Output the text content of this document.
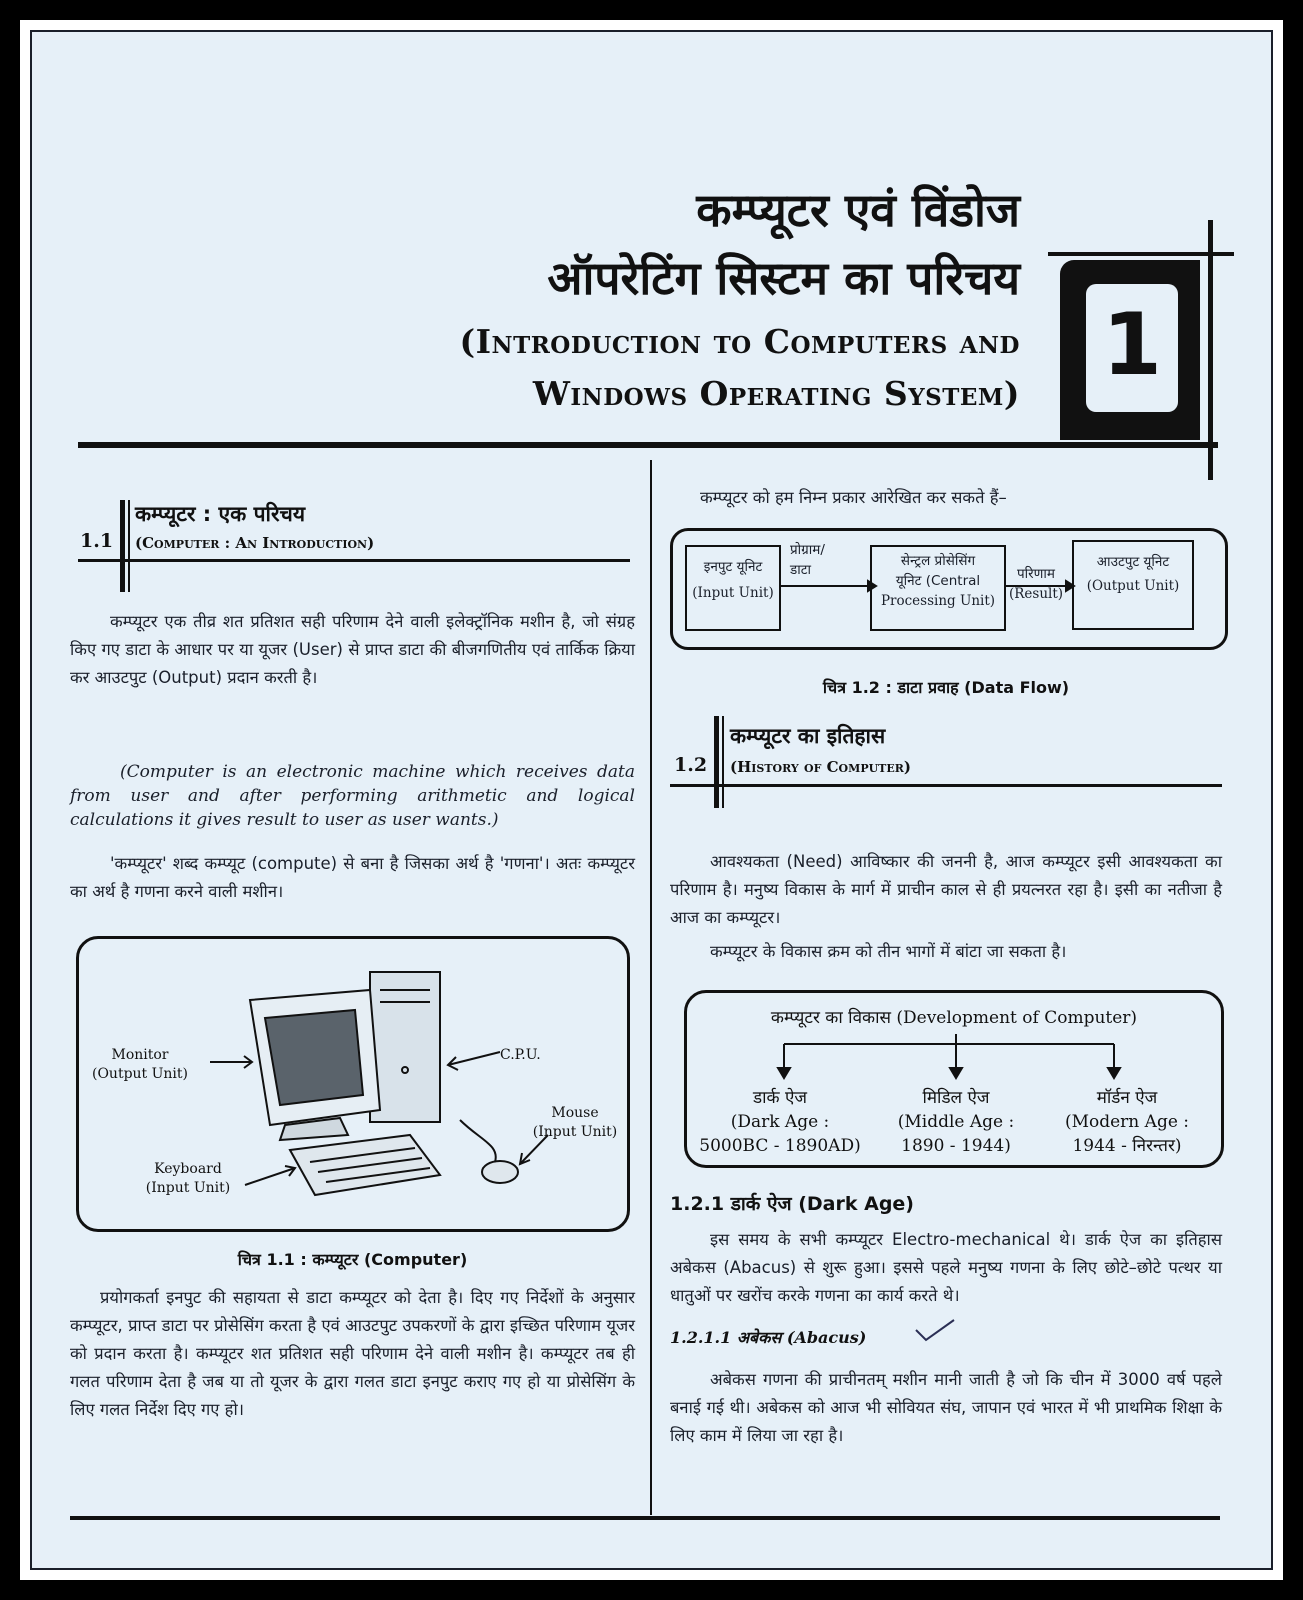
कम्प्यूटर एवं विंडोज
ऑपरेटिंग सिस्टम का परिचय
(Introduction to Computers and
Windows Operating System) 1
1.1
कम्प्यूटर : एक परिचय
(Computer : An Introduction)
कम्प्यूटर एक तीव्र शत प्रतिशत सही परिणाम देने वाली इलेक्ट्रॉनिक मशीन है, जो संग्रह किए गए डाटा के आधार पर या यूजर (User) से प्राप्त डाटा की बीजगणितीय एवं तार्किक क्रिया कर आउटपुट (Output) प्रदान करती है।
(Computer is an electronic machine which receives data from user and after performing arithmetic and logical calculations it gives result to user as user wants.)
'कम्प्यूटर' शब्द कम्प्यूट (compute) से बना है जिसका अर्थ है 'गणना'। अतः कम्प्यूटर का अर्थ है गणना करने वाली मशीन।
Monitor
(Output Unit)
C.P.U.
Mouse
(Input Unit)
Keyboard
(Input Unit)
चित्र 1.1 : कम्प्यूटर (Computer)
प्रयोगकर्ता इनपुट की सहायता से डाटा कम्प्यूटर को देता है। दिए गए निर्देशों के अनुसार कम्प्यूटर, प्राप्त डाटा पर प्रोसेसिंग करता है एवं आउटपुट उपकरणों के द्वारा इच्छित परिणाम यूजर को प्रदान करता है। कम्प्यूटर शत प्रतिशत सही परिणाम देने वाली मशीन है। कम्प्यूटर तब ही गलत परिणाम देता है जब या तो यूजर के द्वारा गलत डाटा इनपुट कराए गए हो या प्रोसेसिंग के लिए गलत निर्देश दिए गए हो।
कम्प्यूटर को हम निम्न प्रकार आरेखित कर सकते हैं–
इनपुट यूनिट
(Input Unit)
प्रोग्राम/
डाटा
सेन्ट्रल प्रोसेसिंग
यूनिट (Central
Processing Unit)
परिणाम
(Result)
आउटपुट यूनिट
(Output Unit)
चित्र 1.2 : डाटा प्रवाह (Data Flow)
1.2
कम्प्यूटर का इतिहास
(History of Computer)
आवश्यकता (Need) आविष्कार की जननी है, आज कम्प्यूटर इसी आवश्यकता का परिणाम है। मनुष्य विकास के मार्ग में प्राचीन काल से ही प्रयत्नरत रहा है। इसी का नतीजा है आज का कम्प्यूटर।
कम्प्यूटर के विकास क्रम को तीन भागों में बांटा जा सकता है।
कम्प्यूटर का विकास (Development of Computer)
डार्क ऐज
(Dark Age :
5000BC - 1890AD)
मिडिल ऐज
(Middle Age :
1890 - 1944)
मॉर्डन ऐज
(Modern Age :
1944 - निरन्तर)
1.2.1 डार्क ऐज (Dark Age)
इस समय के सभी कम्प्यूटर Electro-mechanical थे। डार्क ऐज का इतिहास अबेकस (Abacus) से शुरू हुआ। इससे पहले मनुष्य गणना के लिए छोटे–छोटे पत्थर या धातुओं पर खरोंच करके गणना का कार्य करते थे।
1.2.1.1 अबेकस (Abacus)
अबेकस गणना की प्राचीनतम् मशीन मानी जाती है जो कि चीन में 3000 वर्ष पहले बनाई गई थी। अबेकस को आज भी सोवियत संघ, जापान एवं भारत में भी प्राथमिक शिक्षा के लिए काम में लिया जा रहा है।
